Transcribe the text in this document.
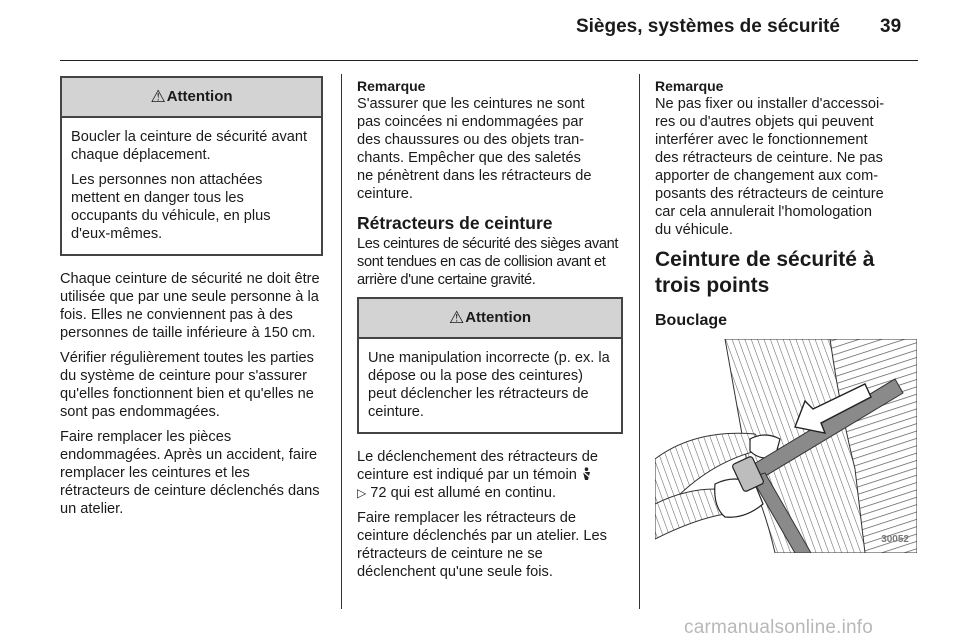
Sièges, systèmes de sécurité 39
⚠ Attention

Boucler la ceinture de sécurité avant chaque déplacement.

Les personnes non attachées mettent en danger tous les occupants du véhicule, en plus d'eux-mêmes.

Chaque ceinture de sécurité ne doit être utilisée que par une seule personne à la fois. Elles ne conviennent pas à des personnes de taille inférieure à 150 cm.

Vérifier régulièrement toutes les parties du système de ceinture pour s'assurer qu'elles fonctionnent bien et qu'elles ne sont pas endommagées.

Faire remplacer les pièces endommagées. Après un accident, faire remplacer les ceintures et les rétracteurs de ceinture déclenchés dans un atelier.

Remarque
S'assurer que les ceintures ne sont
pas coincées ni endommagées par
des chaussures ou des objets tran-
chants. Empêcher que des saletés
ne pénètrent dans les rétracteurs de
ceinture.
Rétracteurs de ceinture

Les ceintures de sécurité des sièges avant sont tendues en cas de collision avant et arrière d'une certaine gravité.

⚠ Attention

Une manipulation incorrecte (p. ex. la dépose ou la pose des ceintures) peut déclencher les rétracteurs de ceinture.

Le déclenchement des rétracteurs de ceinture est indiqué par un témoin
▷ 72 qui est allumé en continu.

Faire remplacer les rétracteurs de ceinture déclenchés par un atelier. Les rétracteurs de ceinture ne se déclenchent qu'une seule fois.

Remarque
Ne pas fixer ou installer d'accessoi-
res ou d'autres objets qui peuvent
interférer avec le fonctionnement
des rétracteurs de ceinture. Ne pas
apporter de changement aux com-
posants des rétracteurs de ceinture
car cela annulerait l'homologation
du véhicule.
Ceinture de sécurité à trois points
Bouclage
30052
carmanualsonline.info
